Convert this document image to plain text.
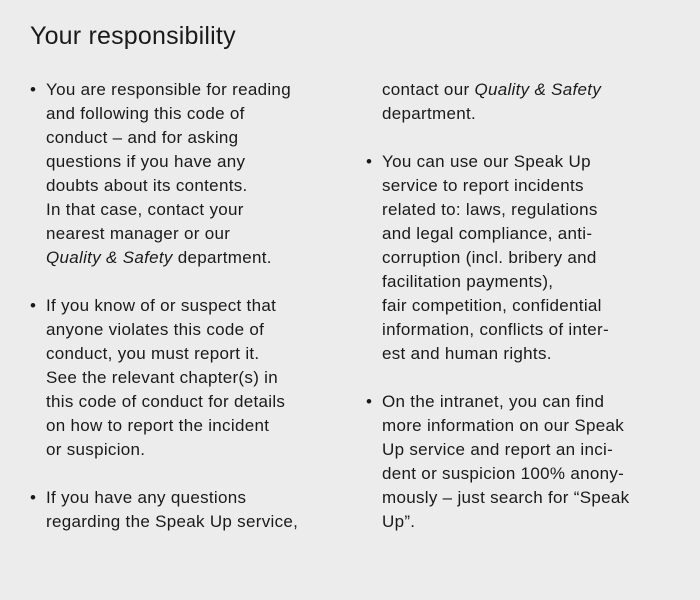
Your responsibility
• You are responsible for reading
and following this code of
conduct – and for asking
questions if you have any
doubts about its contents.
In that case, contact your
nearest manager or our
Quality & Safety department.
• If you know of or suspect that
anyone violates this code of
conduct, you must report it.
See the relevant chapter(s) in
this code of conduct for details
on how to report the incident
or suspicion.
• If you have any questions
regarding the Speak Up service,
contact our Quality & Safety
department.
• You can use our Speak Up
service to report incidents
related to: laws, regulations
and legal compliance, anti-
corruption (incl. bribery and
facilitation payments),
fair competition, confidential
information, conflicts of inter-
est and human rights.
• On the intranet, you can find
more information on our Speak
Up service and report an inci-
dent or suspicion 100% anony-
mously – just search for “Speak
Up”.
